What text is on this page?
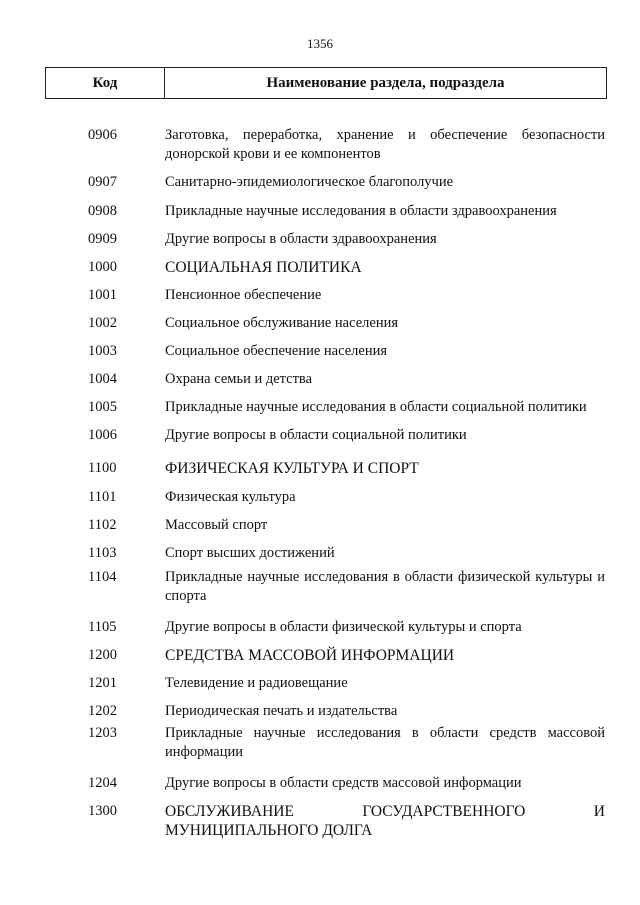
1356
Код	Наименование раздела, подраздела
0906	Заготовка, переработка, хранение и обеспечение безопасности донорской крови и ее компонентов
0907	Санитарно-эпидемиологическое благополучие
0908	Прикладные научные исследования в области здравоохранения
0909	Другие вопросы в области здравоохранения
1000	СОЦИАЛЬНАЯ ПОЛИТИКА
1001	Пенсионное обеспечение
1002	Социальное обслуживание населения
1003	Социальное обеспечение населения
1004	Охрана семьи и детства
1005	Прикладные научные исследования в области социальной политики
1006	Другие вопросы в области социальной политики
1100	ФИЗИЧЕСКАЯ КУЛЬТУРА И СПОРТ
1101	Физическая культура
1102	Массовый спорт
1103	Спорт высших достижений
1104	Прикладные научные исследования в области физической культуры и спорта
1105	Другие вопросы в области физической культуры и спорта
1200	СРЕДСТВА МАССОВОЙ ИНФОРМАЦИИ
1201	Телевидение и радиовещание
1202	Периодическая печать и издательства
1203	Прикладные научные исследования в области средств массовой информации
1204	Другие вопросы в области средств массовой информации
1300	ОБСЛУЖИВАНИЕ ГОСУДАРСТВЕННОГО И МУНИЦИПАЛЬНОГО ДОЛГА
